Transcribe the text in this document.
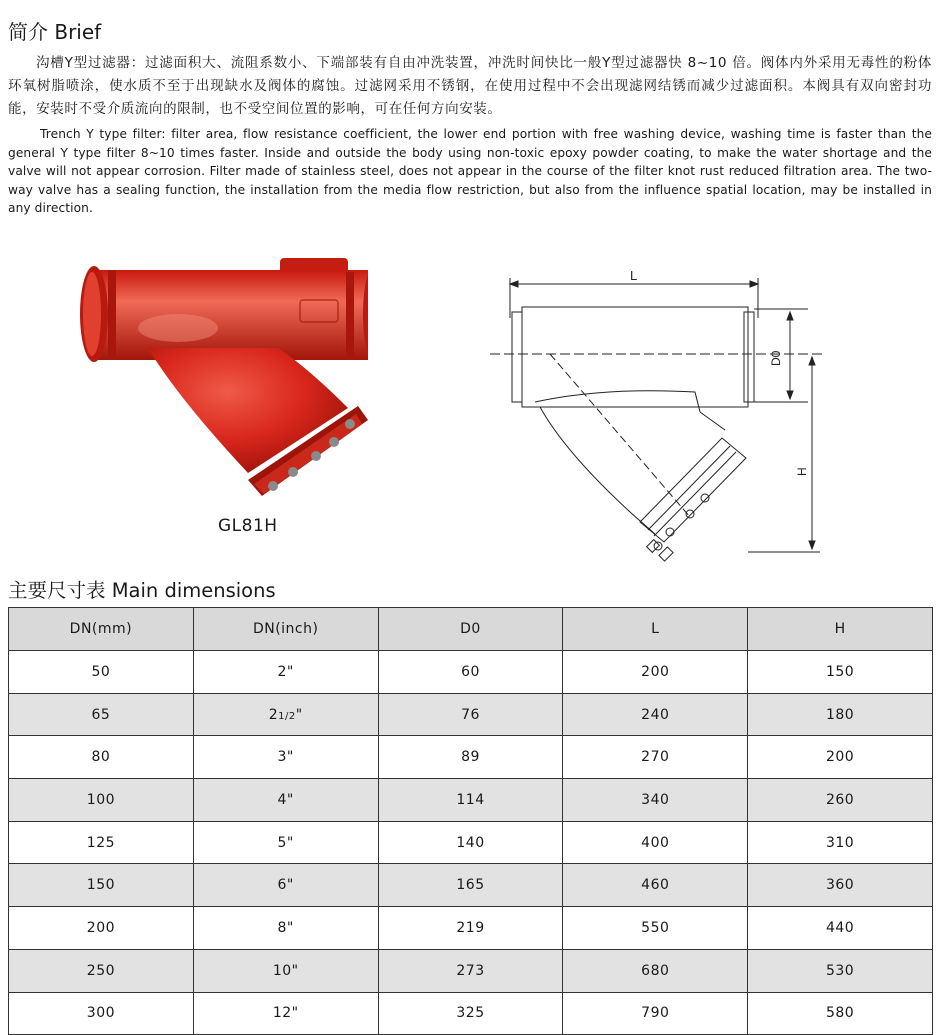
简介 Brief

沟槽Y型过滤器：过滤面积大、流阻系数小、下端部装有自由冲洗装置，冲洗时间快比一般Y型过滤器快 8~10 倍。阀体内外采用无毒性的粉体环氧树脂喷涂，使水质不至于出现缺水及阀体的腐蚀。过滤网采用不锈钢，在使用过程中不会出现滤网结锈而减少过滤面积。本阀具有双向密封功能，安装时不受介质流向的限制，也不受空间位置的影响，可在任何方向安装。

Trench Y type filter: filter area, flow resistance coefficient, the lower end portion with free washing device, washing time is faster than the general Y type filter 8~10 times faster. Inside and outside the body using non-toxic epoxy powder coating, to make the water shortage and the valve will not appear corrosion. Filter made of stainless steel, does not appear in the course of the filter knot rust reduced filtration area. The two-way valve has a sealing function, the installation from the media flow restriction, but also from the influence spatial location, may be installed in any direction.

GL81H
L
D0
H
主要尺寸表 Main dimensions
DN(mm)	DN(inch)	D0	L	H
50	2"	60	200	150
65	21/2"	76	240	180
80	3"	89	270	200
100	4"	114	340	260
125	5"	140	400	310
150	6"	165	460	360
200	8"	219	550	440
250	10"	273	680	530
300	12"	325	790	580
